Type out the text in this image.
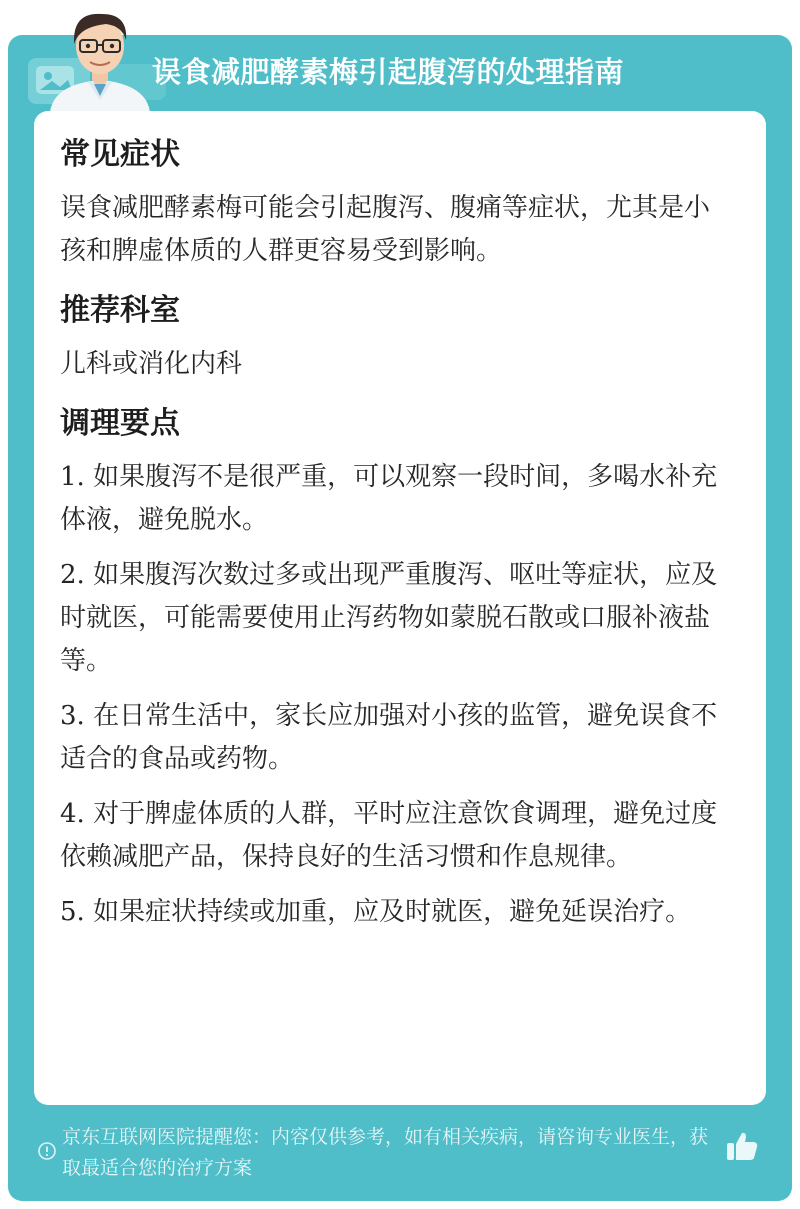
误食减肥酵素梅引起腹泻的处理指南
常见症状
误食减肥酵素梅可能会引起腹泻、腹痛等症状，尤其是小孩和脾虚体质的人群更容易受到影响。
推荐科室
儿科或消化内科
调理要点
1. 如果腹泻不是很严重，可以观察一段时间，多喝水补充体液，避免脱水。
2. 如果腹泻次数过多或出现严重腹泻、呕吐等症状，应及时就医，可能需要使用止泻药物如蒙脱石散或口服补液盐等。
3. 在日常生活中，家长应加强对小孩的监管，避免误食不适合的食品或药物。
4. 对于脾虚体质的人群，平时应注意饮食调理，避免过度依赖减肥产品，保持良好的生活习惯和作息规律。
5. 如果症状持续或加重，应及时就医，避免延误治疗。
京东互联网医院提醒您：内容仅供参考，如有相关疾病，请咨询专业医生，获取最适合您的治疗方案
